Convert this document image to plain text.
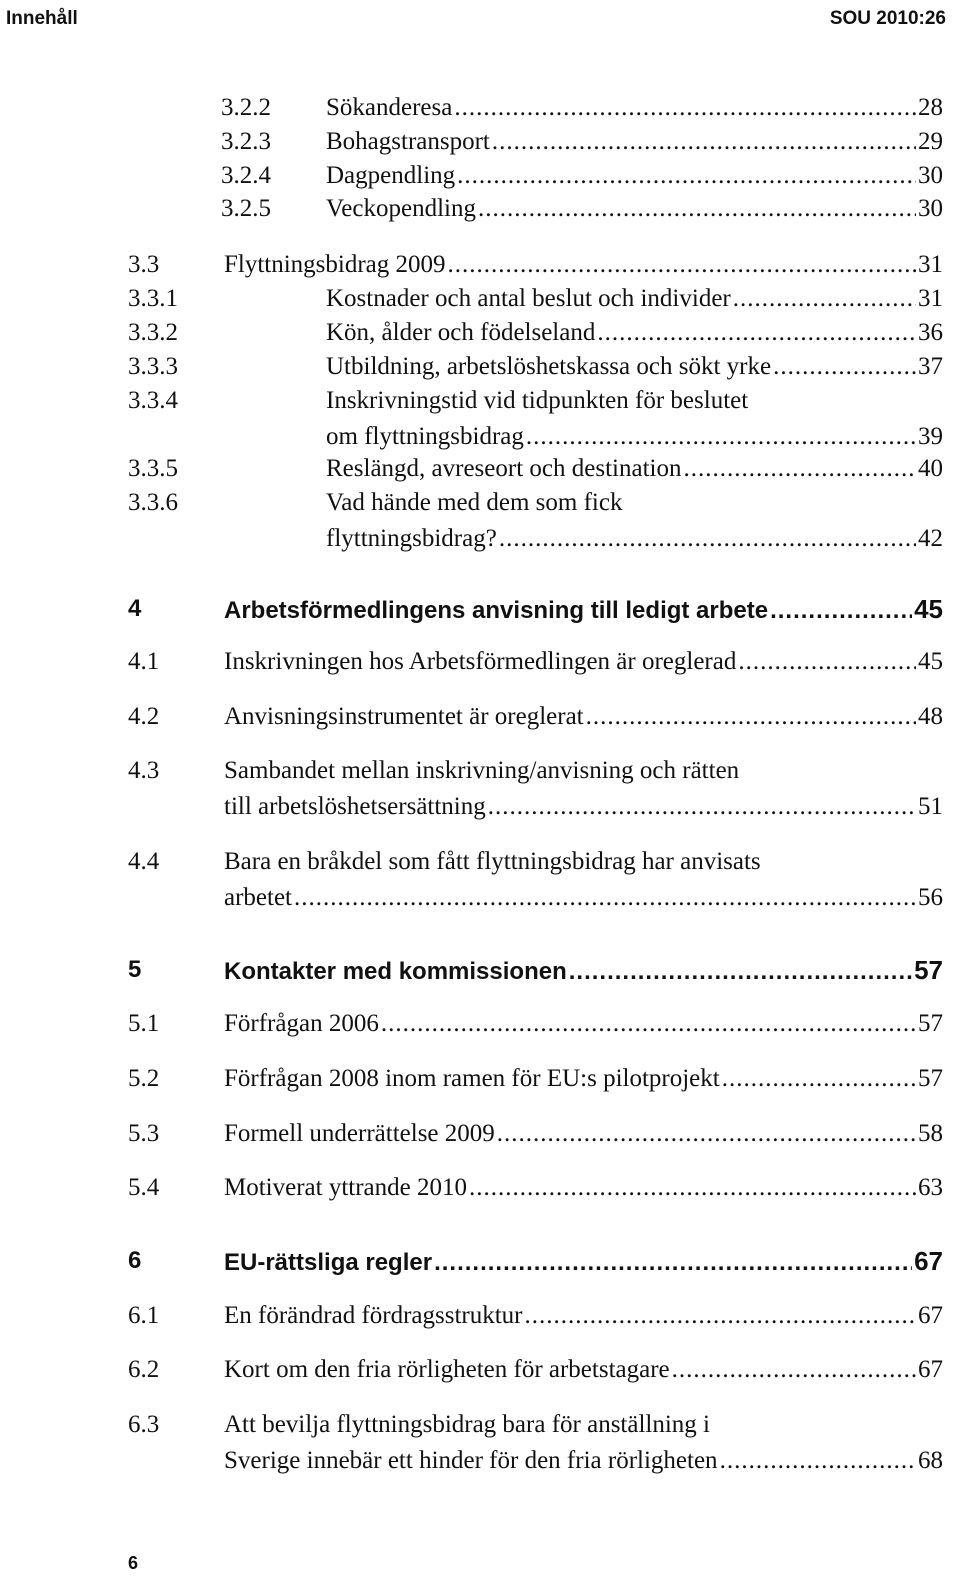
Innehåll	SOU 2010:26
3.2.2 Sökanderesa .....	28
3.2.3 Bohagstransport .....	29
3.2.4 Dagpendling .....	30
3.2.5 Veckopendling .....	30
3.3	Flyttningsbidrag 2009 .....	31
3.3.1	Kostnader och antal beslut och individer .....	31
3.3.2	Kön, ålder och födelseland .....	36
3.3.3	Utbildning, arbetslöshetskassa och sökt yrke .....	37
3.3.4	Inskrivningstid vid tidpunkten för beslutet
om flyttningsbidrag .....	39
3.3.5	Reslängd, avreseort och destination .....	40
3.3.6	Vad hände med dem som fick
flyttningsbidrag? .....	42
4	Arbetsförmedlingens anvisning till ledigt arbete .....	45
4.1	Inskrivningen hos Arbetsförmedlingen är oreglerad .....	45
4.2	Anvisningsinstrumentet är oreglerat .....	48
4.3	Sambandet mellan inskrivning/anvisning och rätten
till arbetslöshetsersättning .....	51
4.4	Bara en bråkdel som fått flyttningsbidrag har anvisats
arbetet .....	56
5	Kontakter med kommissionen .....	57
5.1	Förfrågan 2006 .....	57
5.2	Förfrågan 2008 inom ramen för EU:s pilotprojekt .....	57
5.3	Formell underrättelse 2009 .....	58
5.4	Motiverat yttrande 2010 .....	63
6	EU-rättsliga regler .....	67
6.1	En förändrad fördragsstruktur .....	67
6.2	Kort om den fria rörligheten för arbetstagare .....	67
6.3	Att bevilja flyttningsbidrag bara för anställning i
Sverige innebär ett hinder för den fria rörligheten .....	68
6
